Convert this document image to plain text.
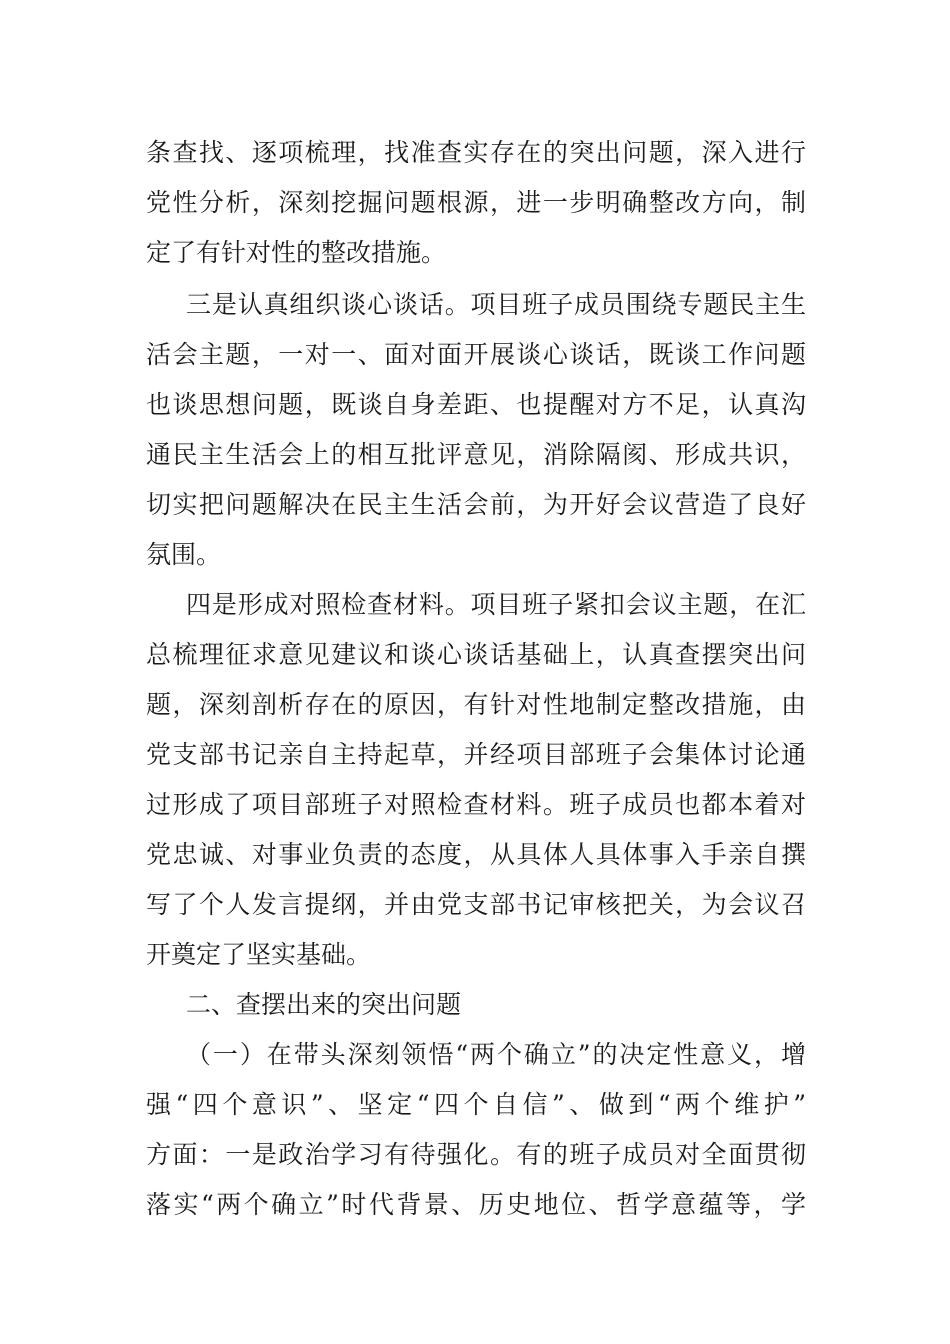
条查找、逐项梳理，找准查实存在的突出问题，深入进行
党性分析，深刻挖掘问题根源，进一步明确整改方向，制
定了有针对性的整改措施。
三是认真组织谈心谈话。项目班子成员围绕专题民主生
活会主题，一对一、面对面开展谈心谈话，既谈工作问题
也谈思想问题，既谈自身差距、也提醒对方不足，认真沟
通民主生活会上的相互批评意见，消除隔阂、形成共识，
切实把问题解决在民主生活会前，为开好会议营造了良好
氛围。
四是形成对照检查材料。项目班子紧扣会议主题，在汇
总梳理征求意见建议和谈心谈话基础上，认真查摆突出问
题，深刻剖析存在的原因，有针对性地制定整改措施，由
党支部书记亲自主持起草，并经项目部班子会集体讨论通
过形成了项目部班子对照检查材料。班子成员也都本着对
党忠诚、对事业负责的态度，从具体人具体事入手亲自撰
写了个人发言提纲，并由党支部书记审核把关，为会议召
开奠定了坚实基础。
二、查摆出来的突出问题
（一）在带头深刻领悟“两个确立”的决定性意义，增
强“四个意识”、坚定“四个自信”、做到“两个维护”
方面：一是政治学习有待强化。有的班子成员对全面贯彻
落实“两个确立”时代背景、历史地位、哲学意蕴等，学
